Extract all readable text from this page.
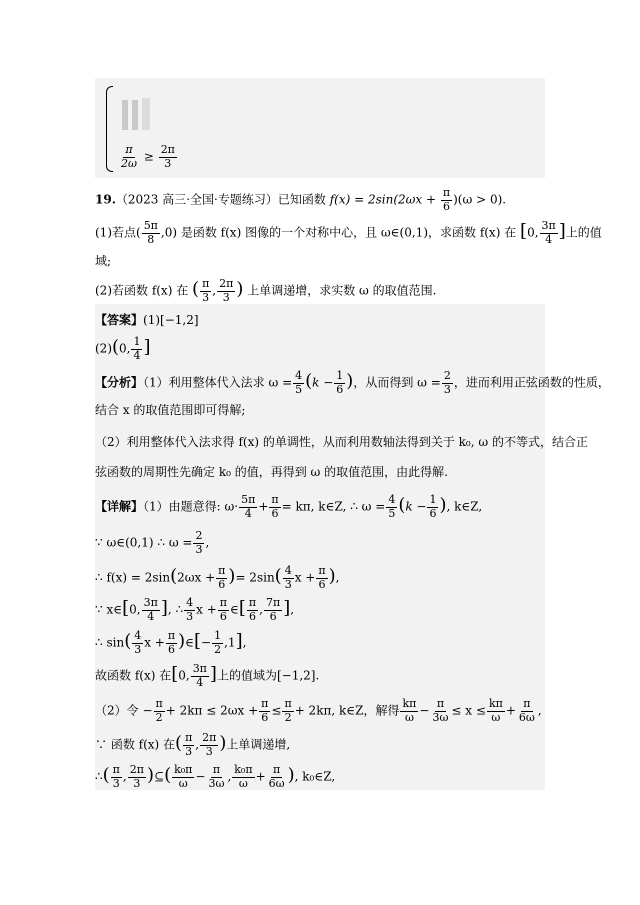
$\frac{\pi}{2\omega} \ge \frac{2\pi}{3}$
19.（2023 高三·全国·专题练习）已知函数 $f(x) = 2\sin(2\omega x + \frac{\pi}{6} )(\omega > 0)$.
(1)若点( $\frac{5\pi}{8} ,0$) 是函数 f(x) 图像的一个对称中心，且 ω∈(0,1)，求函数 f(x) 在 [0, $\frac{3\pi}{4}$ ]上的值
域;
(2)若函数 f(x) 在 ( $\frac{\pi}{3}$ , $\frac{2\pi}{3}$ ) 上单调递增，求实数 ω 的取值范围.
【答案】(1)[−1,2]
(2)(0, $\frac{1}{4}$ ]
【分析】（1）利用整体代入法求 $\omega = \frac{4}{5} (k - \frac{1}{6}$ )，从而得到 $\omega = \frac{2}{3}$ ，进而利用正弦函数的性质，
结合 x 的取值范围即可得解;
（2）利用整体代入法求得 f(x) 的单调性，从而利用数轴法得到关于 k₀, ω 的不等式，结合正
弦函数的周期性先确定 k₀ 的值，再得到 ω 的取值范围，由此得解.
【详解】（1）由题意得: $\omega\cdot \frac{5\pi}{4} + \frac{\pi}{6} = k\pi$, k∈Z, ∴ $\omega = \frac{4}{5} (k - \frac{1}{6}$ ), k∈Z,
∵ ω∈(0,1) ∴ $\omega = \frac{2}{3}$ ,
∴ $f(x) = 2\sin(2\omega x + \frac{\pi}{6}$ )= $2\sin( \frac{4}{3}$ $x + \frac{\pi}{6}$ ),
∵ x∈[0, $\frac{3\pi}{4}$ ], ∴ $\frac{4}{3}$ $x + \frac{\pi}{6}$ ∈[ $\frac{\pi}{6}$ , $\frac{7\pi}{6}$ ],
∴ $\sin( \frac{4}{3}$ $x + \frac{\pi}{6}$ )∈[− $\frac{1}{2} ,1$],
故函数 f(x) 在[0, $\frac{3\pi}{4}$ ]上的值域为[−1,2].
（2）令 − $\frac{\pi}{2} + 2k\pi \le 2\omega x + \frac{\pi}{6} \le \frac{\pi}{2} + 2k\pi$, k∈Z，解得 $\frac{k\pi}{\omega} - \frac{\pi}{3\omega} \le x \le \frac{k\pi}{\omega} + \frac{\pi}{6\omega}$ ,
∵ 函数 f(x) 在( $\frac{\pi}{3}$ , $\frac{2\pi}{3}$ )上单调递增,
∴( $\frac{\pi}{3}$ , $\frac{2\pi}{3}$ )⊆( $\frac{\text{k₀π}}{\omega} - \frac{\pi}{3\omega}$ , $\frac{\text{k₀π}}{\omega} + \frac{\pi}{6\omega}$ ), k₀∈Z,
